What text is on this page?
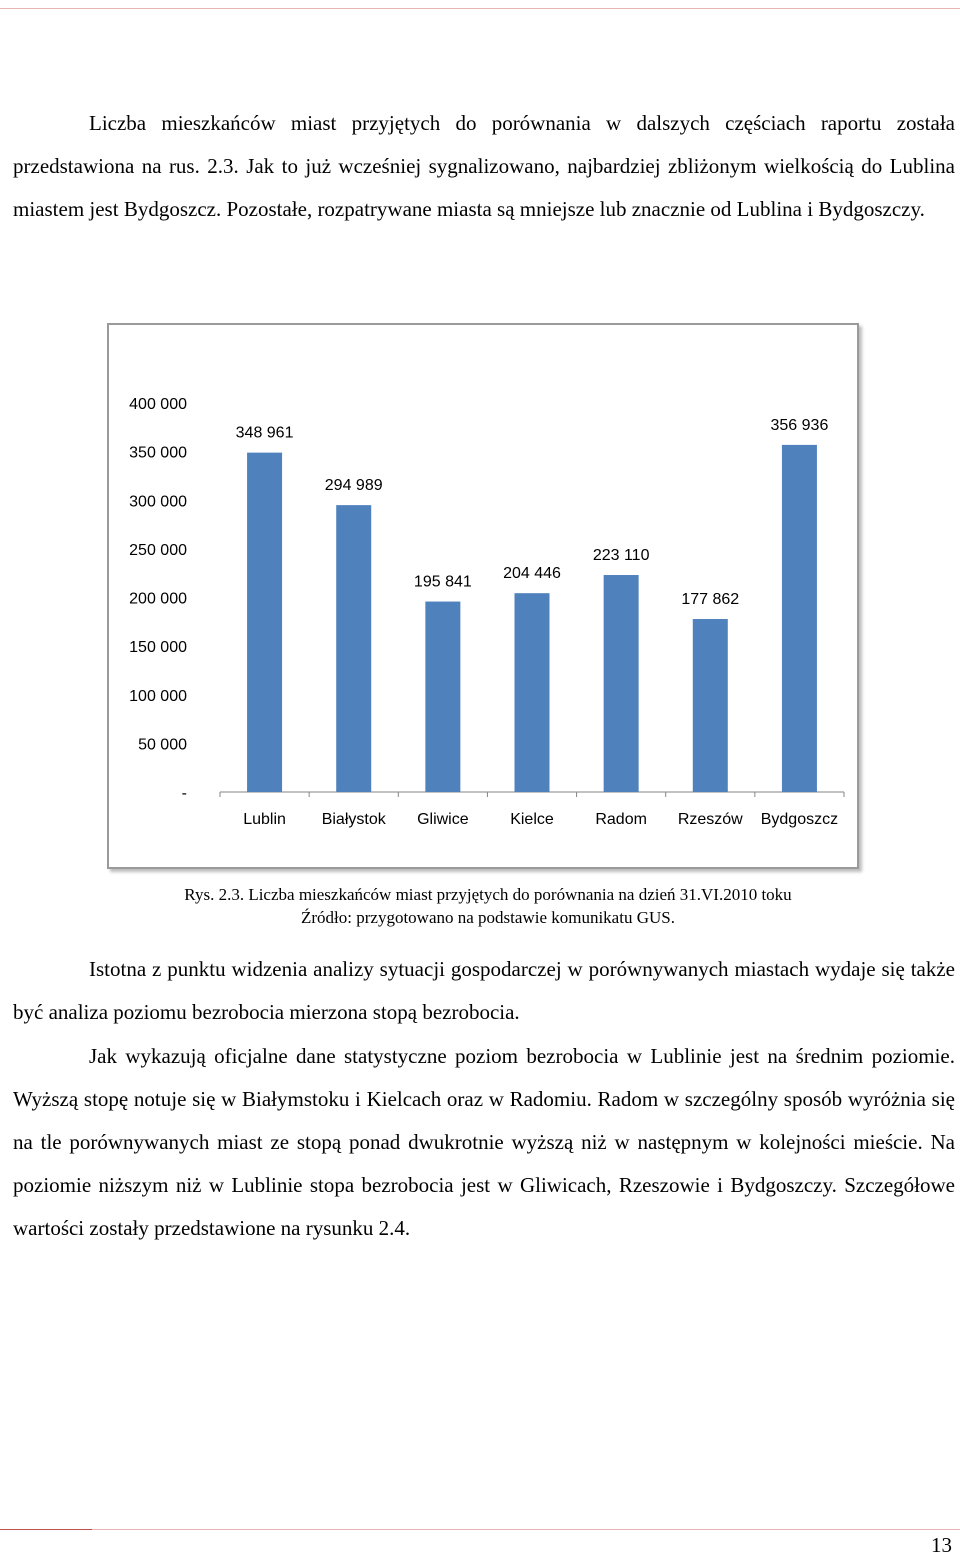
Liczba mieszkańców miast przyjętych do porównania w dalszych częściach raportu została przedstawiona na rus. 2.3. Jak to już wcześniej sygnalizowano, najbardziej zbliżonym wielkością do Lublina miastem jest Bydgoszcz. Pozostałe, rozpatrywane miasta są mniejsze lub znacznie od Lublina i Bydgoszczy.

-
50 000
100 000
150 000
200 000
250 000
300 000
350 000
400 000
348 961
Lublin
294 989
Białystok
195 841
Gliwice
204 446
Kielce
223 110
Radom
177 862
Rzeszów
356 936
Bydgoszcz

Rys. 2.3. Liczba mieszkańców miast przyjętych do porównania na dzień 31.VI.2010 toku

Źródło: przygotowano na podstawie komunikatu GUS.

Istotna z punktu widzenia analizy sytuacji gospodarczej w porównywanych miastach wydaje się także być analiza poziomu bezrobocia mierzona stopą bezrobocia.

Jak wykazują oficjalne dane statystyczne poziom bezrobocia w Lublinie jest na średnim poziomie. Wyższą stopę notuje się w Białymstoku i Kielcach oraz w Radomiu. Radom w szczególny sposób wyróżnia się na tle porównywanych miast ze stopą ponad dwukrotnie wyższą niż w następnym w kolejności mieście. Na poziomie niższym niż w Lublinie stopa bezrobocia jest w Gliwicach, Rzeszowie i Bydgoszczy. Szczegółowe wartości zostały przedstawione na rysunku 2.4.

13
